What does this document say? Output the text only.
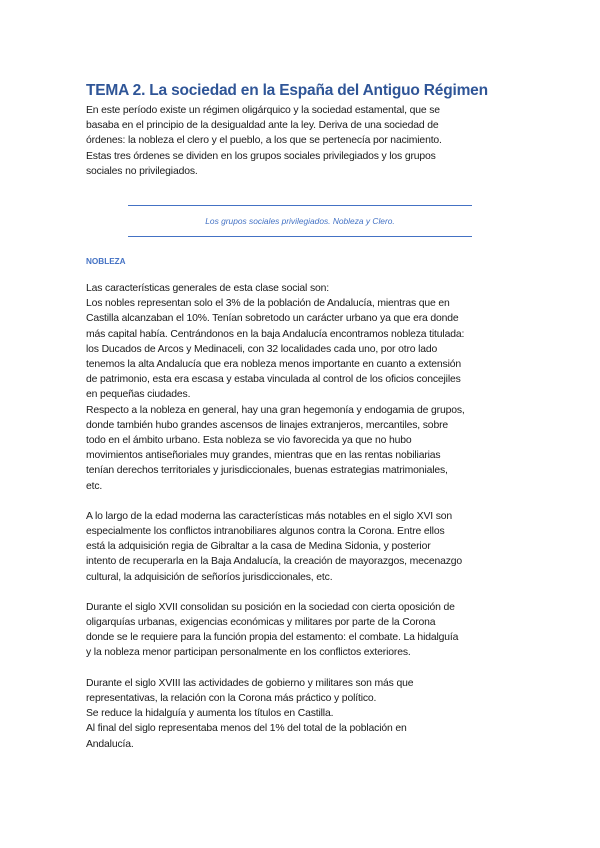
TEMA 2. La sociedad en la España del Antiguo Régimen
En este período existe un régimen oligárquico y la sociedad estamental, que se
basaba en el principio de la desigualdad ante la ley. Deriva de una sociedad de
órdenes: la nobleza el clero y el pueblo, a los que se pertenecía por nacimiento.
Estas tres órdenes se dividen en los grupos sociales privilegiados y los grupos
sociales no privilegiados.
Los grupos sociales privilegiados. Nobleza y Clero.
NOBLEZA
Las características generales de esta clase social son:
Los nobles representan solo el 3% de la población de Andalucía, mientras que en
Castilla alcanzaban el 10%. Tenían sobretodo un carácter urbano ya que era donde
más capital había. Centrándonos en la baja Andalucía encontramos nobleza titulada:
los Ducados de Arcos y Medinaceli, con 32 localidades cada uno, por otro lado
tenemos la alta Andalucía que era nobleza menos importante en cuanto a extensión
de patrimonio, esta era escasa y estaba vinculada al control de los oficios concejiles
en pequeñas ciudades.
Respecto a la nobleza en general, hay una gran hegemonía y endogamia de grupos,
donde también hubo grandes ascensos de linajes extranjeros, mercantiles, sobre
todo en el ámbito urbano. Esta nobleza se vio favorecida ya que no hubo
movimientos antiseñoriales muy grandes, mientras que en las rentas nobiliarias
tenían derechos territoriales y jurisdiccionales, buenas estrategias matrimoniales,
etc.
A lo largo de la edad moderna las características más notables en el siglo XVI son
especialmente los conflictos intranobiliares algunos contra la Corona. Entre ellos
está la adquisición regia de Gibraltar a la casa de Medina Sidonia, y posterior
intento de recuperarla en la Baja Andalucía, la creación de mayorazgos, mecenazgo
cultural, la adquisición de señoríos jurisdiccionales, etc.
Durante el siglo XVII consolidan su posición en la sociedad con cierta oposición de
oligarquías urbanas, exigencias económicas y militares por parte de la Corona
donde se le requiere para la función propia del estamento: el combate. La hidalguía
y la nobleza menor participan personalmente en los conflictos exteriores.
Durante el siglo XVIII las actividades de gobierno y militares son más que
representativas, la relación con la Corona más práctico y político.
Se reduce la hidalguía y aumenta los títulos en Castilla.
Al final del siglo representaba menos del 1% del total de la población en
Andalucía.
